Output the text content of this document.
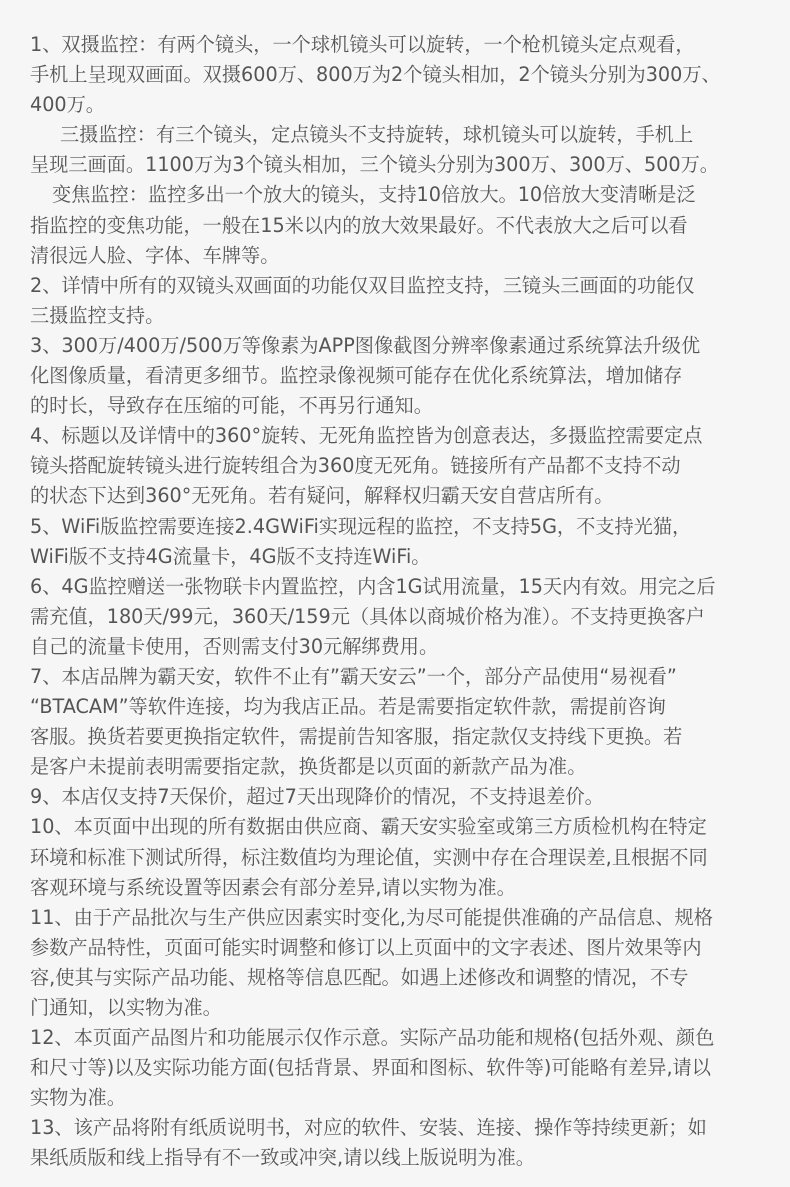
1、双摄监控：有两个镜头，一个球机镜头可以旋转，一个枪机镜头定点观看，
手机上呈现双画面。双摄600万、800万为2个镜头相加，2个镜头分别为300万、
400万。
三摄监控：有三个镜头，定点镜头不支持旋转，球机镜头可以旋转，手机上
呈现三画面。1100万为3个镜头相加，三个镜头分别为300万、300万、500万。
变焦监控：监控多出一个放大的镜头，支持10倍放大。10倍放大变清晰是泛
指监控的变焦功能，一般在15米以内的放大效果最好。不代表放大之后可以看
清很远人脸、字体、车牌等。
2、详情中所有的双镜头双画面的功能仅双目监控支持，三镜头三画面的功能仅
三摄监控支持。
3、300万/400万/500万等像素为APP图像截图分辨率像素通过系统算法升级优
化图像质量，看清更多细节。监控录像视频可能存在优化系统算法，增加储存
的时长，导致存在压缩的可能，不再另行通知。
4、标题以及详情中的360°旋转、无死角监控皆为创意表达，多摄监控需要定点
镜头搭配旋转镜头进行旋转组合为360度无死角。链接所有产品都不支持不动
的状态下达到360°无死角。若有疑问，解释权归霸天安自营店所有。
5、WiFi版监控需要连接2.4GWiFi实现远程的监控，不支持5G，不支持光猫，
WiFi版不支持4G流量卡，4G版不支持连WiFi。
6、4G监控赠送一张物联卡内置监控，内含1G试用流量，15天内有效。用完之后
需充值，180天/99元，360天/159元（具体以商城价格为准）。不支持更换客户
自己的流量卡使用，否则需支付30元解绑费用。
7、本店品牌为霸天安，软件不止有”霸天安云”一个，部分产品使用“易视看”
“BTACAM”等软件连接，均为我店正品。若是需要指定软件款，需提前咨询
客服。换货若要更换指定软件，需提前告知客服，指定款仅支持线下更换。若
是客户未提前表明需要指定款，换货都是以页面的新款产品为准。
9、本店仅支持7天保价，超过7天出现降价的情况，不支持退差价。
10、本页面中出现的所有数据由供应商、霸天安实验室或第三方质检机构在特定
环境和标准下测试所得，标注数值均为理论值，实测中存在合理误差,且根据不同
客观环境与系统设置等因素会有部分差异,请以实物为准。
11、由于产品批次与生产供应因素实时变化,为尽可能提供准确的产品信息、规格
参数产品特性，页面可能实时调整和修订以上页面中的文字表述、图片效果等内
容,使其与实际产品功能、规格等信息匹配。如遇上述修改和调整的情况，不专
门通知，以实物为准。
12、本页面产品图片和功能展示仅作示意。实际产品功能和规格(包括外观、颜色
和尺寸等)以及实际功能方面(包括背景、界面和图标、软件等)可能略有差异,请以
实物为准。
13、该产品将附有纸质说明书，对应的软件、安装、连接、操作等持续更新；如
果纸质版和线上指导有不一致或冲突,请以线上版说明为准。
